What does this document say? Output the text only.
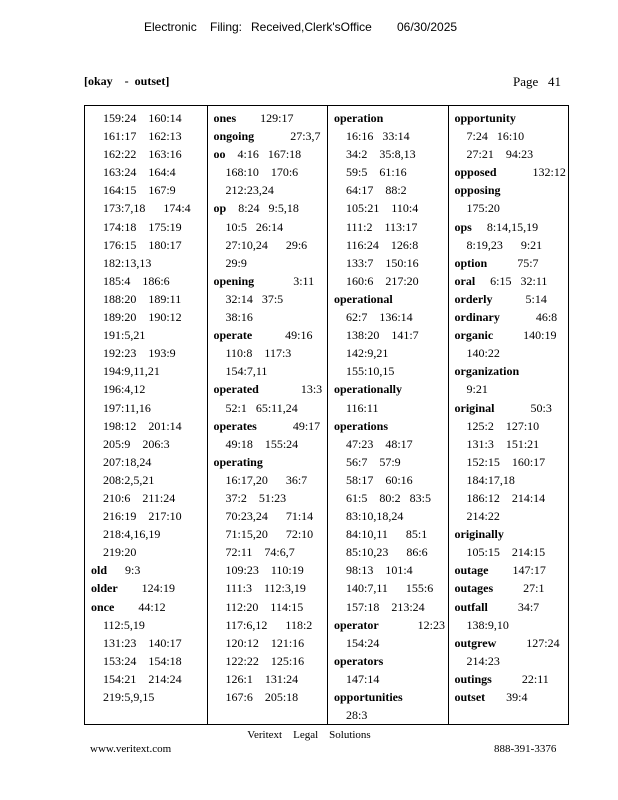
Electronic Filing: Received,Clerk'sOffice 06/30/2025
[okay    -  outset]	Page   41
159:24    160:14
161:17    162:13
162:22    163:16
163:24    164:4
164:15    167:9
173:7,18      174:4
174:18    175:19
176:15    180:17
182:13,13
185:4    186:6
188:20    189:11
189:20    190:12
191:5,21
192:23    193:9
194:9,11,21
196:4,12
197:11,16
198:12    201:14
205:9    206:3
207:18,24
208:2,5,21
210:6    211:24
216:19    217:10
218:4,16,19
219:20
old      9:3
older        124:19
once        44:12
112:5,19
131:23    140:17
153:24    154:18
154:21    214:24
219:5,9,15
ones        129:17
ongoing            27:3,7
oo    4:16   167:18
168:10    170:6
212:23,24
op    8:24   9:5,18
10:5   26:14
27:10,24      29:6
29:9
opening             3:11
32:14   37:5
38:16
operate           49:16
110:8    117:3
154:7,11
operated              13:3
52:1   65:11,24
operates            49:17
49:18    155:24
operating
16:17,20      36:7
37:2    51:23
70:23,24      71:14
71:15,20      72:10
72:11    74:6,7
109:23    110:19
111:3    112:3,19
112:20    114:15
117:6,12      118:2
120:12    121:16
122:22    125:16
126:1    131:24
167:6    205:18
operation
16:16   33:14
34:2    35:8,13
59:5    61:16
64:17    88:2
105:21    110:4
111:2    113:17
116:24    126:8
133:7    150:16
160:6    217:20
operational
62:7    136:14
138:20    141:7
142:9,21
155:10,15
operationally
116:11
operations
47:23    48:17
56:7    57:9
58:17    60:16
61:5    80:2   83:5
83:10,18,24
84:10,11      85:1
85:10,23      86:6
98:13    101:4
140:7,11      155:6
157:18    213:24
operator             12:23
154:24
operators
147:14
opportunities
28:3
opportunity
7:24   16:10
27:21    94:23
opposed            132:12
opposing
175:20
ops     8:14,15,19
8:19,23      9:21
option          75:7
oral     6:15   32:11
orderly           5:14
ordinary            46:8
organic          140:19
140:22
organization
9:21
original            50:3
125:2    127:10
131:3    151:21
152:15    160:17
184:17,18
186:12    214:14
214:22
originally
105:15    214:15
outage        147:17
outages          27:1
outfall          34:7
138:9,10
outgrew          127:24
214:23
outings          22:11
outset       39:4
Veritext    Legal    Solutions
www.veritext.com	888-391-3376
